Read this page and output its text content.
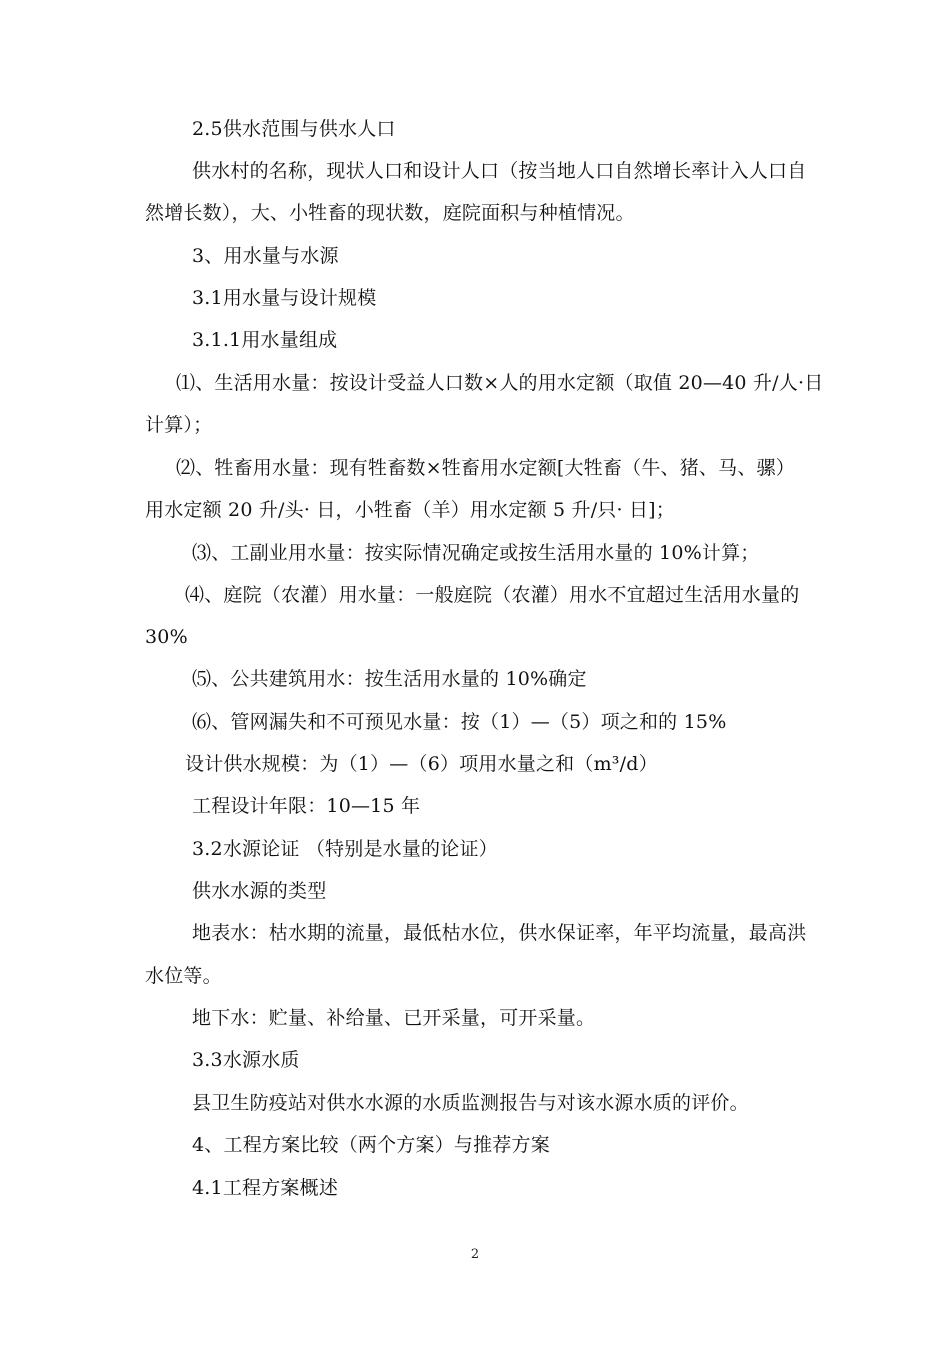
2.5供水范围与供水人口
供水村的名称，现状人口和设计人口（按当地人口自然增长率计入人口自
然增长数），大、小牲畜的现状数，庭院面积与种植情况。
3、用水量与水源
3.1用水量与设计规模
3.1.1用水量组成
⑴、生活用水量：按设计受益人口数×人的用水定额（取值 20—40 升/人·日
计算）；
⑵、牲畜用水量：现有牲畜数×牲畜用水定额[大牲畜（牛、猪、马、骡）
用水定额 20 升/头· 日，小牲畜（羊）用水定额 5 升/只· 日]；
⑶、工副业用水量：按实际情况确定或按生活用水量的 10%计算；
⑷、庭院（农灌）用水量：一般庭院（农灌）用水不宜超过生活用水量的
30%
⑸、公共建筑用水：按生活用水量的 10%确定
⑹、管网漏失和不可预见水量：按（1）—（5）项之和的 15%
设计供水规模：为（1）—（6）项用水量之和（m³/d）
工程设计年限：10—15 年
3.2水源论证 （特别是水量的论证）
供水水源的类型
地表水：枯水期的流量，最低枯水位，供水保证率，年平均流量，最高洪
水位等。
地下水：贮量、补给量、已开采量，可开采量。
3.3水源水质
县卫生防疫站对供水水源的水质监测报告与对该水源水质的评价。
4、工程方案比较（两个方案）与推荐方案
4.1工程方案概述
2
